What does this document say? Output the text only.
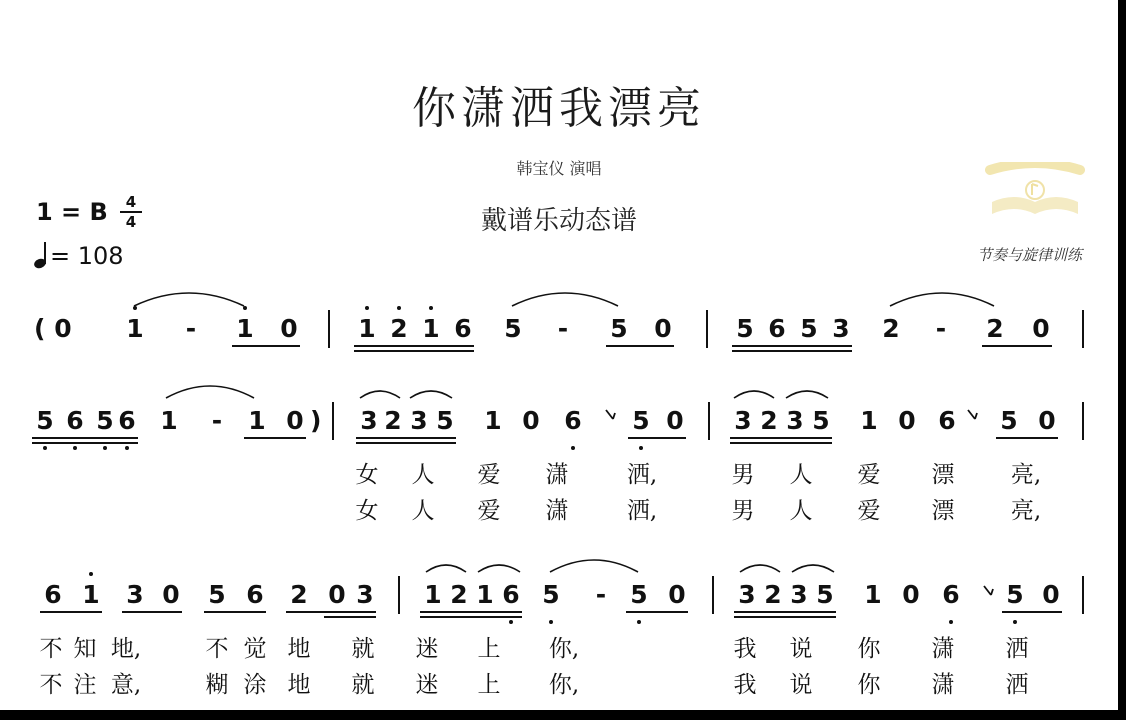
你潇洒我漂亮
韩宝仪 演唱
戴谱乐动态谱
1 = B	4
4
= 108	节奏与旋律训练
( 0 1 - 1 0 1 2 1 6 5 - 5 0	5 6 5 3 2 - 2 0
5 6 5 6 1 - 1 0 ) 3 2 3 5 1 0 6 5 0 3 2 3 5 1 0 6 5 0
女 人 爱 潇	洒,	男 人 爱 漂 亮,
女 人 爱 潇	洒,	男 人 爱 漂 亮,
6 1 3 0 5 6 2 0 3 1 2 1 6 5 - 5 0 3 2 3 5 1 0 6 5 0
不 知 地,	不 觉 地 就 迷 上 你,	我 说 你 潇 洒
不 注 意,	糊 涂 地 就 迷 上 你,	我 说 你 潇 洒
